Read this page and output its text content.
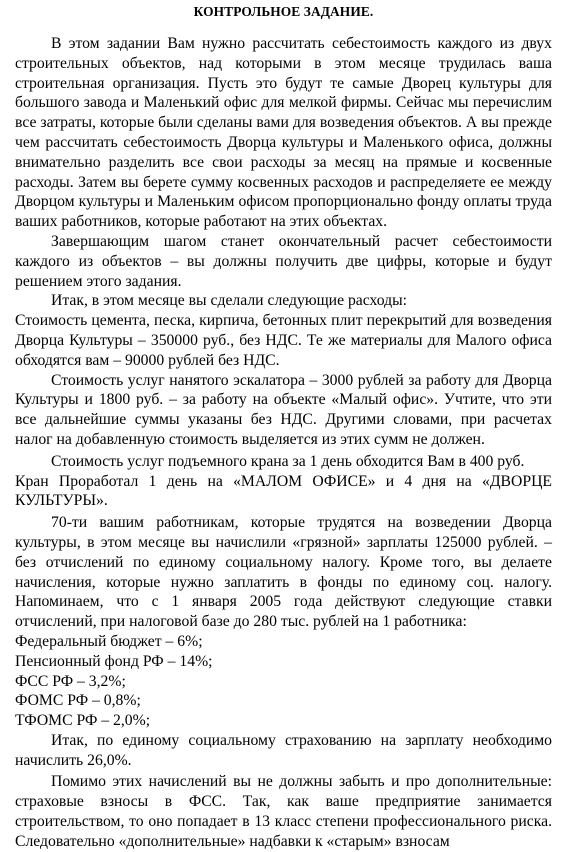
КОНТРОЛЬНОЕ ЗАДАНИЕ.

В этом задании Вам нужно рассчитать себестоимость каждого из двух строительных объектов, над которыми в этом месяце трудилась ваша строительная организация. Пусть это будут те самые Дворец культуры для большого завода и Маленький офис для мелкой фирмы. Сейчас мы перечислим все затраты, которые были сделаны вами для возведения объектов. А вы прежде чем рассчитать себестоимость Дворца культуры и Маленького офиса, должны внимательно разделить все свои расходы за месяц на прямые и косвенные расходы. Затем вы берете сумму косвенных расходов и распределяете ее между Дворцом культуры и Маленьким офисом пропорционально фонду оплаты труда ваших работников, которые работают на этих объектах.

Завершающим шагом станет окончательный расчет себестоимости каждого из объектов – вы должны получить две цифры, которые и будут решением этого задания.

Итак, в этом месяце вы сделали следующие расходы:

Стоимость цемента, песка, кирпича, бетонных плит перекрытий для возведения Дворца Культуры – 350000 руб., без НДС. Те же материалы для Малого офиса обходятся вам – 90000 рублей без НДС.

Стоимость услуг нанятого эскалатора – 3000 рублей за работу для Дворца Культуры и 1800 руб. – за работу на объекте «Малый офис». Учтите, что эти все дальнейшие суммы указаны без НДС. Другими словами, при расчетах налог на добавленную стоимость выделяется из этих сумм не должен.

Стоимость услуг подъемного крана за 1 день обходится Вам в 400 руб.

Кран Проработал 1 день на «МАЛОМ ОФИСЕ» и 4 дня на «ДВОРЦЕ КУЛЬТУРЫ».

70-ти вашим работникам, которые трудятся на возведении Дворца культуры, в этом месяце вы начислили «грязной» зарплаты 125000 рублей. – без отчислений по единому социальному налогу. Кроме того, вы делаете начисления, которые нужно заплатить в фонды по единому соц. налогу. Напоминаем, что с 1 января 2005 года действуют следующие ставки отчислений, при налоговой базе до 280 тыс. рублей на 1 работника:

Федеральный бюджет – 6%;
Пенсионный фонд РФ – 14%;
ФСС РФ – 3,2%;
ФОМС РФ – 0,8%;
ТФОМС РФ – 2,0%;

Итак, по единому социальному страхованию на зарплату необходимо начислить 26,0%.

Помимо этих начислений вы не должны забыть и про дополнительные: страховые взносы в ФСС. Так, как ваше предприятие занимается строительством, то оно попадает в 13 класс степени профессионального риска. Следовательно «дополнительные» надбавки к «старым» взносам
